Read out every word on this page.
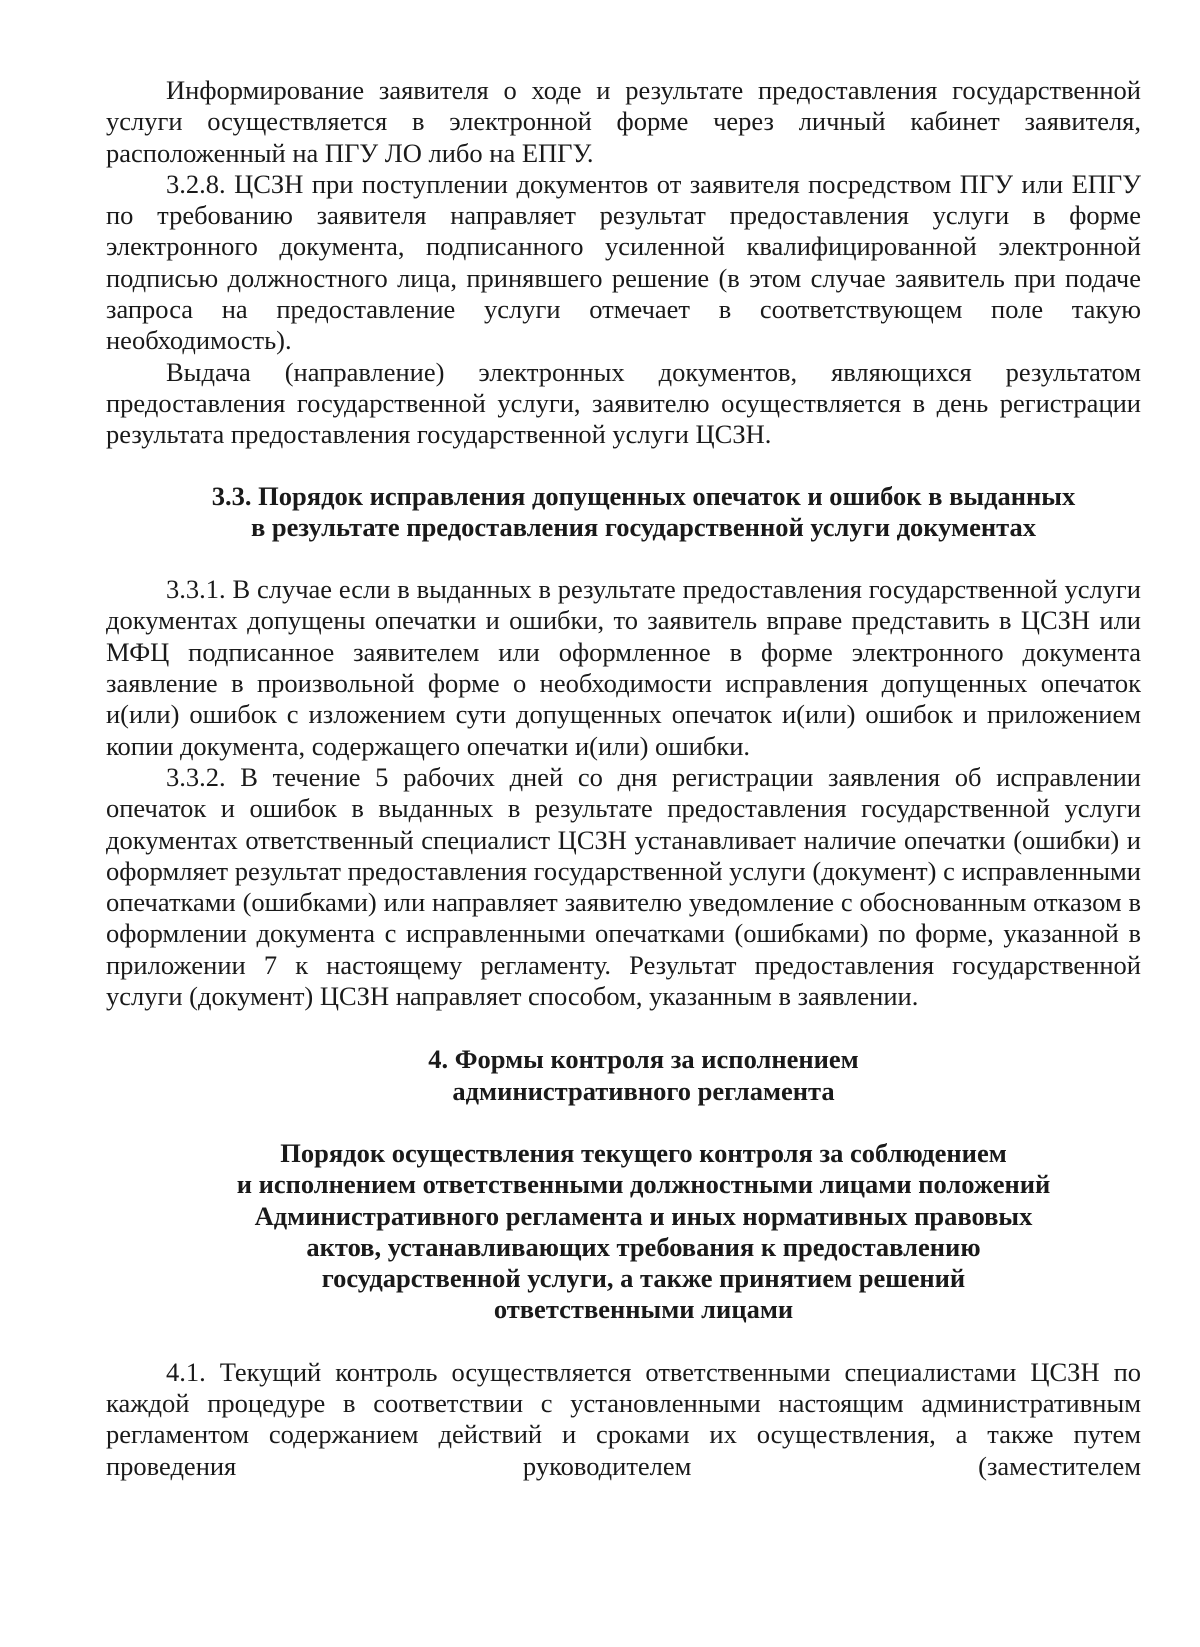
Информирование заявителя о ходе и результате предоставления государственной услуги осуществляется в электронной форме через личный кабинет заявителя, расположенный на ПГУ ЛО либо на ЕПГУ.

3.2.8. ЦСЗН при поступлении документов от заявителя посредством ПГУ или ЕПГУ по требованию заявителя направляет результат предоставления услуги в форме электронного документа, подписанного усиленной квалифицированной электронной подписью должностного лица, принявшего решение (в этом случае заявитель при подаче запроса на предоставление услуги отмечает в соответствующем поле такую необходимость).

Выдача (направление) электронных документов, являющихся результатом предоставления государственной услуги, заявителю осуществляется в день регистрации результата предоставления государственной услуги ЦСЗН.

3.3. Порядок исправления допущенных опечаток и ошибок в выданных
в результате предоставления государственной услуги документах

3.3.1. В случае если в выданных в результате предоставления государственной услуги документах допущены опечатки и ошибки, то заявитель вправе представить в ЦСЗН или МФЦ подписанное заявителем или оформленное в форме электронного документа заявление в произвольной форме о необходимости исправления допущенных опечаток и(или) ошибок с изложением сути допущенных опечаток и(или) ошибок и приложением копии документа, содержащего опечатки и(или) ошибки.

3.3.2. В течение 5 рабочих дней со дня регистрации заявления об исправлении опечаток и ошибок в выданных в результате предоставления государственной услуги документах ответственный специалист ЦСЗН устанавливает наличие опечатки (ошибки) и оформляет результат предоставления государственной услуги (документ) с исправленными опечатками (ошибками) или направляет заявителю уведомление с обоснованным отказом в оформлении документа с исправленными опечатками (ошибками) по форме, указанной в приложении 7 к настоящему регламенту. Результат предоставления государственной услуги (документ) ЦСЗН направляет способом, указанным в заявлении.

4. Формы контроля за исполнением
административного регламента
Порядок осуществления текущего контроля за соблюдением
и исполнением ответственными должностными лицами положений
Административного регламента и иных нормативных правовых
актов, устанавливающих требования к предоставлению
государственной услуги, а также принятием решений
ответственными лицами

4.1. Текущий контроль осуществляется ответственными специалистами ЦСЗН по каждой процедуре в соответствии с установленными настоящим административным регламентом содержанием действий и сроками их осуществления, а также путем проведения руководителем (заместителем
